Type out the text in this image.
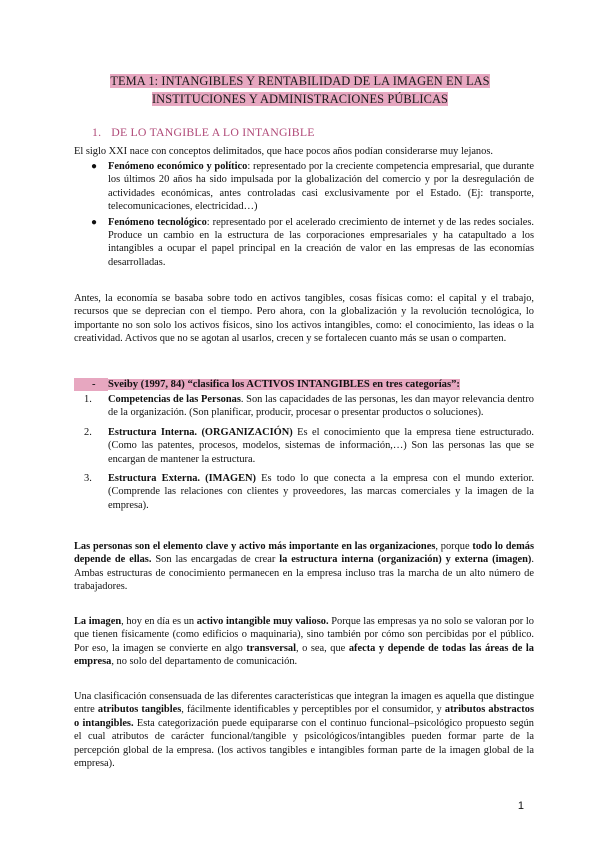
TEMA 1: INTANGIBLES Y RENTABILIDAD DE LA IMAGEN EN LAS
INSTITUCIONES Y ADMINISTRACIONES PÚBLICAS
1. DE LO TANGIBLE A LO INTANGIBLE
El siglo XXI nace con conceptos delimitados, que hace pocos años podían considerarse muy lejanos.
● Fenómeno económico y político: representado por la creciente competencia empresarial, que durante los últimos 20 años ha sido impulsada por la globalización del comercio y por la desregulación de actividades económicas, antes controladas casi exclusivamente por el Estado. (Ej: transporte, telecomunicaciones, electricidad…)
● Fenómeno tecnológico: representado por el acelerado crecimiento de internet y de las redes sociales. Produce un cambio en la estructura de las corporaciones empresariales y ha catapultado a los intangibles a ocupar el papel principal en la creación de valor en las empresas de las economías desarrolladas.
Antes, la economía se basaba sobre todo en activos tangibles, cosas físicas como: el capital y el trabajo, recursos que se deprecian con el tiempo. Pero ahora, con la globalización y la revolución tecnológica, lo importante no son solo los activos físicos, sino los activos intangibles, como: el conocimiento, las ideas o la creatividad. Activos que no se agotan al usarlos, crecen y se fortalecen cuanto más se usan o comparten.
- Sveiby (1997, 84) “clasifica los ACTIVOS INTANGIBLES en tres categorías”:
1. Competencias de las Personas. Son las capacidades de las personas, les dan mayor relevancia dentro de la organización. (Son planificar, producir, procesar o presentar productos o soluciones).
2. Estructura Interna. (ORGANIZACIÓN) Es el conocimiento que la empresa tiene estructurado. (Como las patentes, procesos, modelos, sistemas de información,…) Son las personas las que se encargan de mantener la estructura.
3. Estructura Externa. (IMAGEN) Es todo lo que conecta a la empresa con el mundo exterior. (Comprende las relaciones con clientes y proveedores, las marcas comerciales y la imagen de la empresa).
Las personas son el elemento clave y activo más importante en las organizaciones, porque todo lo demás depende de ellas. Son las encargadas de crear la estructura interna (organización) y externa (imagen). Ambas estructuras de conocimiento permanecen en la empresa incluso tras la marcha de un alto número de trabajadores.
La imagen, hoy en día es un activo intangible muy valioso. Porque las empresas ya no solo se valoran por lo que tienen físicamente (como edificios o maquinaria), sino también por cómo son percibidas por el público. Por eso, la imagen se convierte en algo transversal, o sea, que afecta y depende de todas las áreas de la empresa, no solo del departamento de comunicación.
Una clasificación consensuada de las diferentes características que integran la imagen es aquella que distingue entre atributos tangibles, fácilmente identificables y perceptibles por el consumidor, y atributos abstractos o intangibles. Esta categorización puede equipararse con el continuo funcional–psicológico propuesto según el cual atributos de carácter funcional/tangible y psicológicos/intangibles pueden formar parte de la percepción global de la empresa. (los activos tangibles e intangibles forman parte de la imagen global de la empresa).
1
